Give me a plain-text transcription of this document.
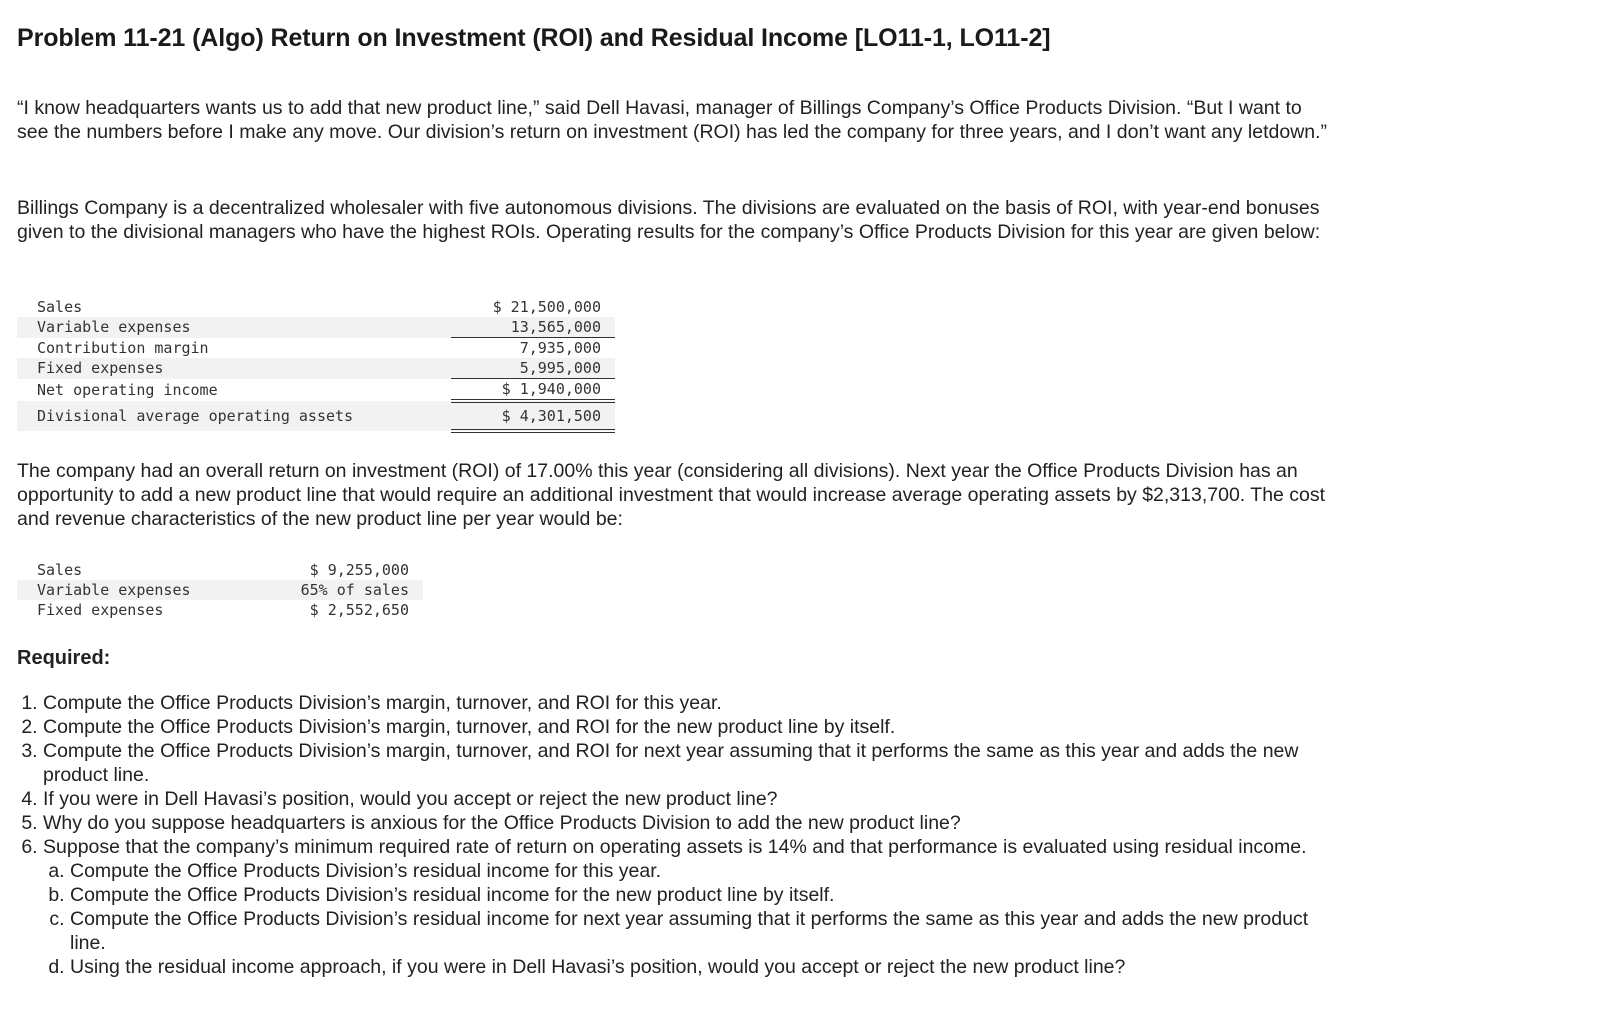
Problem 11-21 (Algo) Return on Investment (ROI) and Residual Income [LO11-1, LO11-2]

“I know headquarters wants us to add that new product line,” said Dell Havasi, manager of Billings Company’s Office Products Division. “But I want to see the numbers before I make any move. Our division’s return on investment (ROI) has led the company for three years, and I don’t want any letdown.”

Billings Company is a decentralized wholesaler with five autonomous divisions. The divisions are evaluated on the basis of ROI, with year-end bonuses given to the divisional managers who have the highest ROIs. Operating results for the company’s Office Products Division for this year are given below:

Sales	$ 21,500,000
Variable expenses	13,565,000
Contribution margin	7,935,000
Fixed expenses	5,995,000
Net operating income	$ 1,940,000
Divisional average operating assets	$ 4,301,500

The company had an overall return on investment (ROI) of 17.00% this year (considering all divisions). Next year the Office Products Division has an opportunity to add a new product line that would require an additional investment that would increase average operating assets by $2,313,700. The cost and revenue characteristics of the new product line per year would be:

Sales	$ 9,255,000
Variable expenses	65% of sales
Fixed expenses	$ 2,552,650

Required:

1. Compute the Office Products Division’s margin, turnover, and ROI for this year.
2. Compute the Office Products Division’s margin, turnover, and ROI for the new product line by itself.
3. Compute the Office Products Division’s margin, turnover, and ROI for next year assuming that it performs the same as this year and adds the new product line.
4. If you were in Dell Havasi’s position, would you accept or reject the new product line?
5. Why do you suppose headquarters is anxious for the Office Products Division to add the new product line?
6. Suppose that the company’s minimum required rate of return on operating assets is 14% and that performance is evaluated using residual income.
a. Compute the Office Products Division’s residual income for this year.
b. Compute the Office Products Division’s residual income for the new product line by itself.
c. Compute the Office Products Division’s residual income for next year assuming that it performs the same as this year and adds the new product line.
d. Using the residual income approach, if you were in Dell Havasi’s position, would you accept or reject the new product line?
